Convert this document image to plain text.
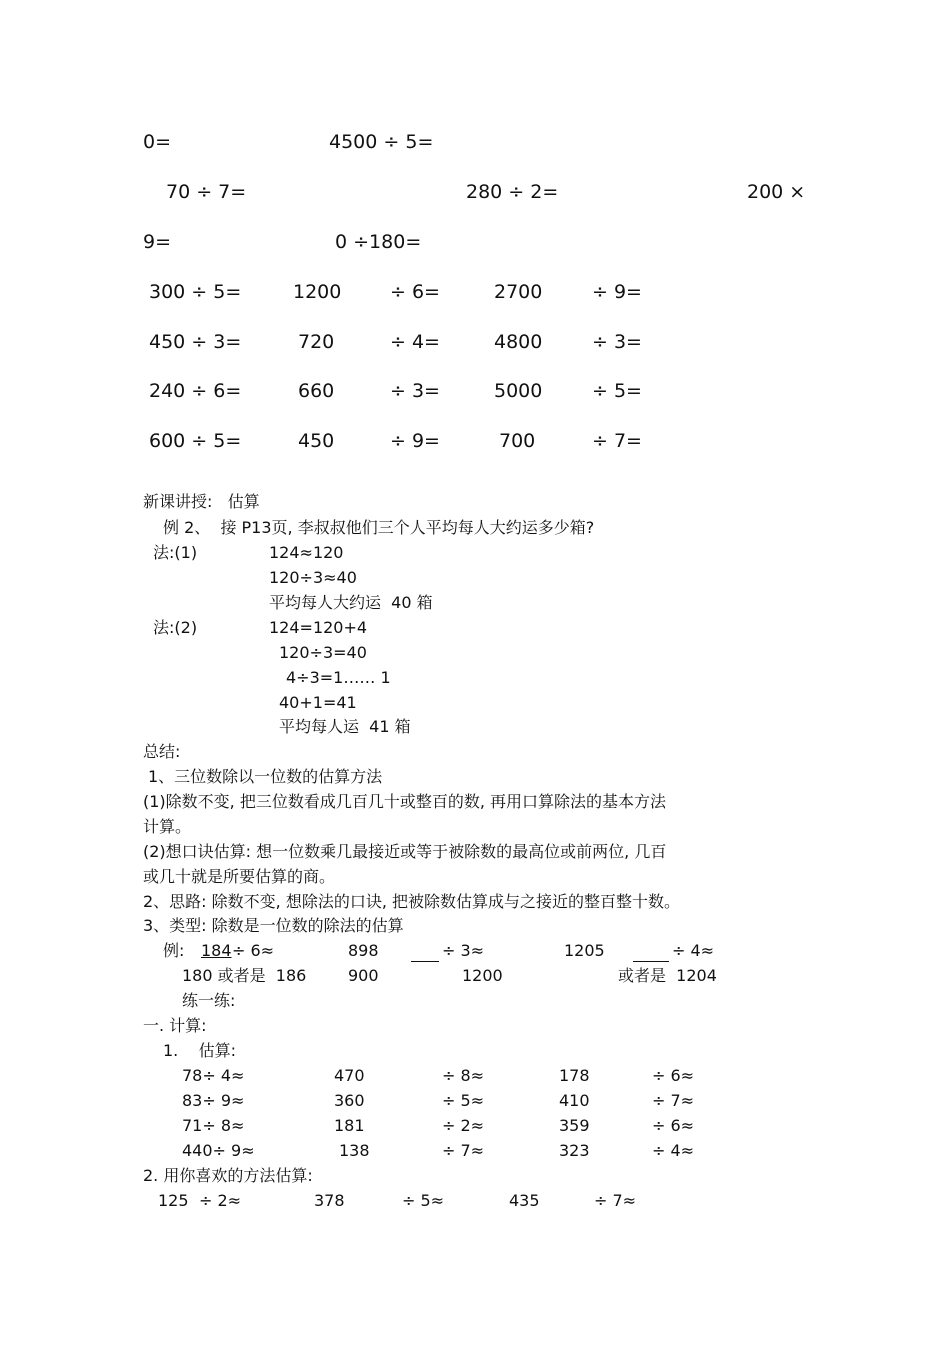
0=	4500 ÷ 5=
70 ÷ 7=	280 ÷ 2=	200 ×
9=	0 ÷180=
300 ÷ 5=	1200	÷ 6=	2700	÷ 9=
450 ÷ 3=	720	÷ 4=	4800	÷ 3=
240 ÷ 6=	660	÷ 3=	5000	÷ 5=
600 ÷ 5=	450	÷ 9=	700	÷ 7=
新课讲授:   估算
例 2、  接 P13页, 李叔叔他们三个人平均每人大约运多少箱?
法:(1)	124≈120
120÷3≈40
平均每人大约运  40 箱
法:(2)	124=120+4
120÷3=40
4÷3=1…… 1
40+1=41
平均每人运  41 箱
总结:
1、三位数除以一位数的估算方法
(1)除数不变, 把三位数看成几百几十或整百的数, 再用口算除法的基本方法
计算。
(2)想口诀估算: 想一位数乘几最接近或等于被除数的最高位或前两位, 几百
或几十就是所要估算的商。
2、思路: 除数不变, 想除法的口诀, 把被除数估算成与之接近的整百整十数。
3、类型: 除数是一位数的除法的估算
例: 184 ÷ 6≈	898	÷ 3≈	1205	÷ 4≈
180 或者是  186	900	1200	或者是  1204
练一练:
一. 计算:
1.    估算:
78÷ 4≈	470	÷ 8≈	178	÷ 6≈
83÷ 9≈	360	÷ 5≈	410	÷ 7≈
71÷ 8≈	181	÷ 2≈	359	÷ 6≈
440÷ 9≈	138	÷ 7≈	323	÷ 4≈
2. 用你喜欢的方法估算:
125 ÷ 2≈	378	÷ 5≈	435	÷ 7≈
